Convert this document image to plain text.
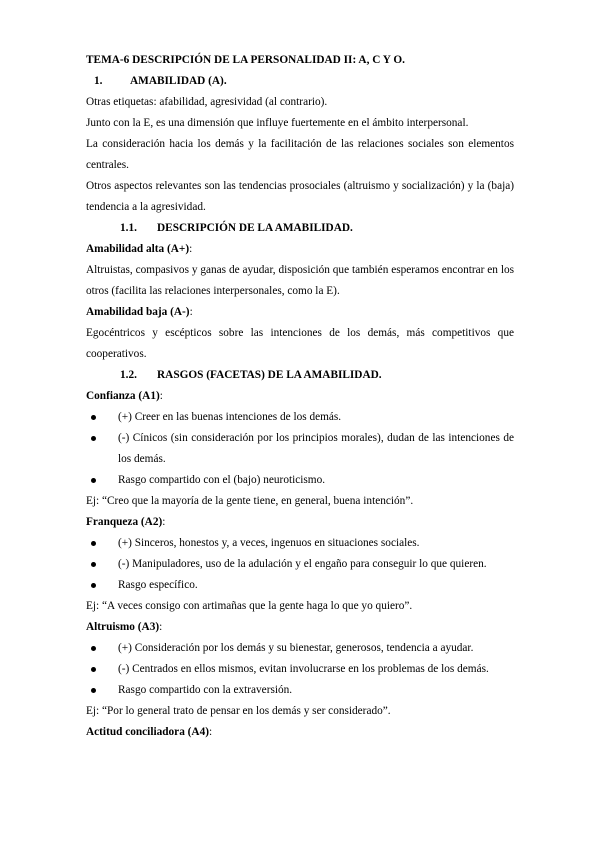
TEMA-6 DESCRIPCIÓN DE LA PERSONALIDAD II: A, C Y O.
1. AMABILIDAD (A).

Otras etiquetas: afabilidad, agresividad (al contrario).

Junto con la E, es una dimensión que influye fuertemente en el ámbito interpersonal.

La consideración hacia los demás y la facilitación de las relaciones sociales son elementos centrales.

Otros aspectos relevantes son las tendencias prosociales (altruismo y socialización) y la (baja) tendencia a la agresividad.

1.1. DESCRIPCIÓN DE LA AMABILIDAD.
Amabilidad alta (A+):

Altruistas, compasivos y ganas de ayudar, disposición que también esperamos encontrar en los otros (facilita las relaciones interpersonales, como la E).

Amabilidad baja (A-):

Egocéntricos y escépticos sobre las intenciones de los demás, más competitivos que cooperativos.

1.2. RASGOS (FACETAS) DE LA AMABILIDAD.
Confianza (A1):
(+) Creer en las buenas intenciones de los demás.
(-) Cínicos (sin consideración por los principios morales), dudan de las intenciones de los demás.
Rasgo compartido con el (bajo) neuroticismo.
Ej: “Creo que la mayoría de la gente tiene, en general, buena intención”.
Franqueza (A2):
(+) Sinceros, honestos y, a veces, ingenuos en situaciones sociales.
(-) Manipuladores, uso de la adulación y el engaño para conseguir lo que quieren.
Rasgo específico.
Ej: “A veces consigo con artimañas que la gente haga lo que yo quiero”.
Altruismo (A3):
(+) Consideración por los demás y su bienestar, generosos, tendencia a ayudar.
(-) Centrados en ellos mismos, evitan involucrarse en los problemas de los demás.
Rasgo compartido con la extraversión.
Ej: “Por lo general trato de pensar en los demás y ser considerado”.
Actitud conciliadora (A4):
